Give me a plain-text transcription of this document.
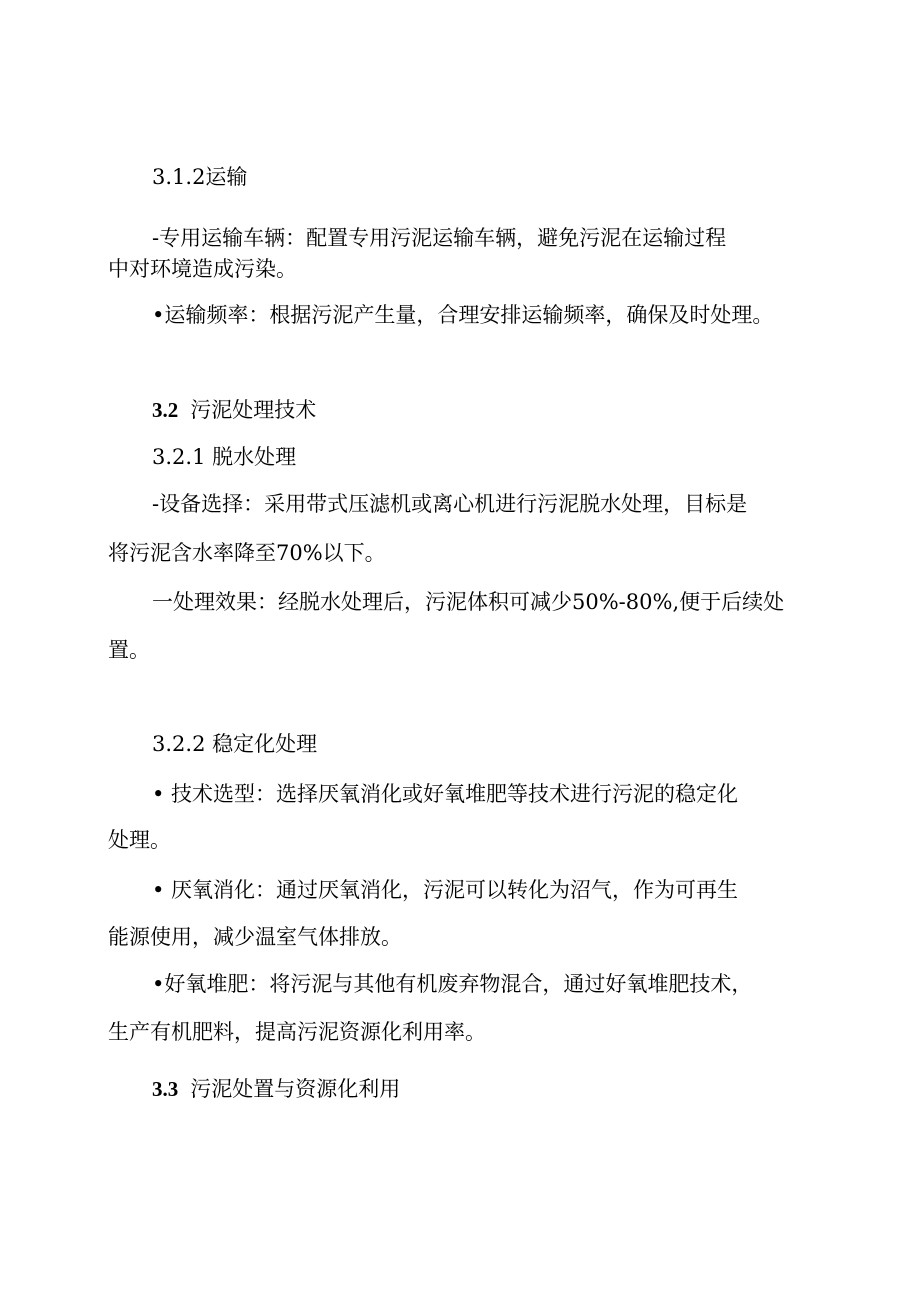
3.1.2运输
-专用运输车辆：配置专用污泥运输车辆，避免污泥在运输过程
中对环境造成污染。
•运输频率：根据污泥产生量，合理安排运输频率，确保及时处理。
3.2 污泥处理技术
3.2.1 脱水处理
-设备选择：采用带式压滤机或离心机进行污泥脱水处理，目标是
将污泥含水率降至70%以下。
一处理效果：经脱水处理后，污泥体积可减少50%-80%,便于后续处
置。
3.2.2 稳定化处理
• 技术选型：选择厌氧消化或好氧堆肥等技术进行污泥的稳定化
处理。
• 厌氧消化：通过厌氧消化，污泥可以转化为沼气，作为可再生
能源使用，减少温室气体排放。
•好氧堆肥：将污泥与其他有机废弃物混合，通过好氧堆肥技术，
生产有机肥料，提高污泥资源化利用率。
3.3 污泥处置与资源化利用
